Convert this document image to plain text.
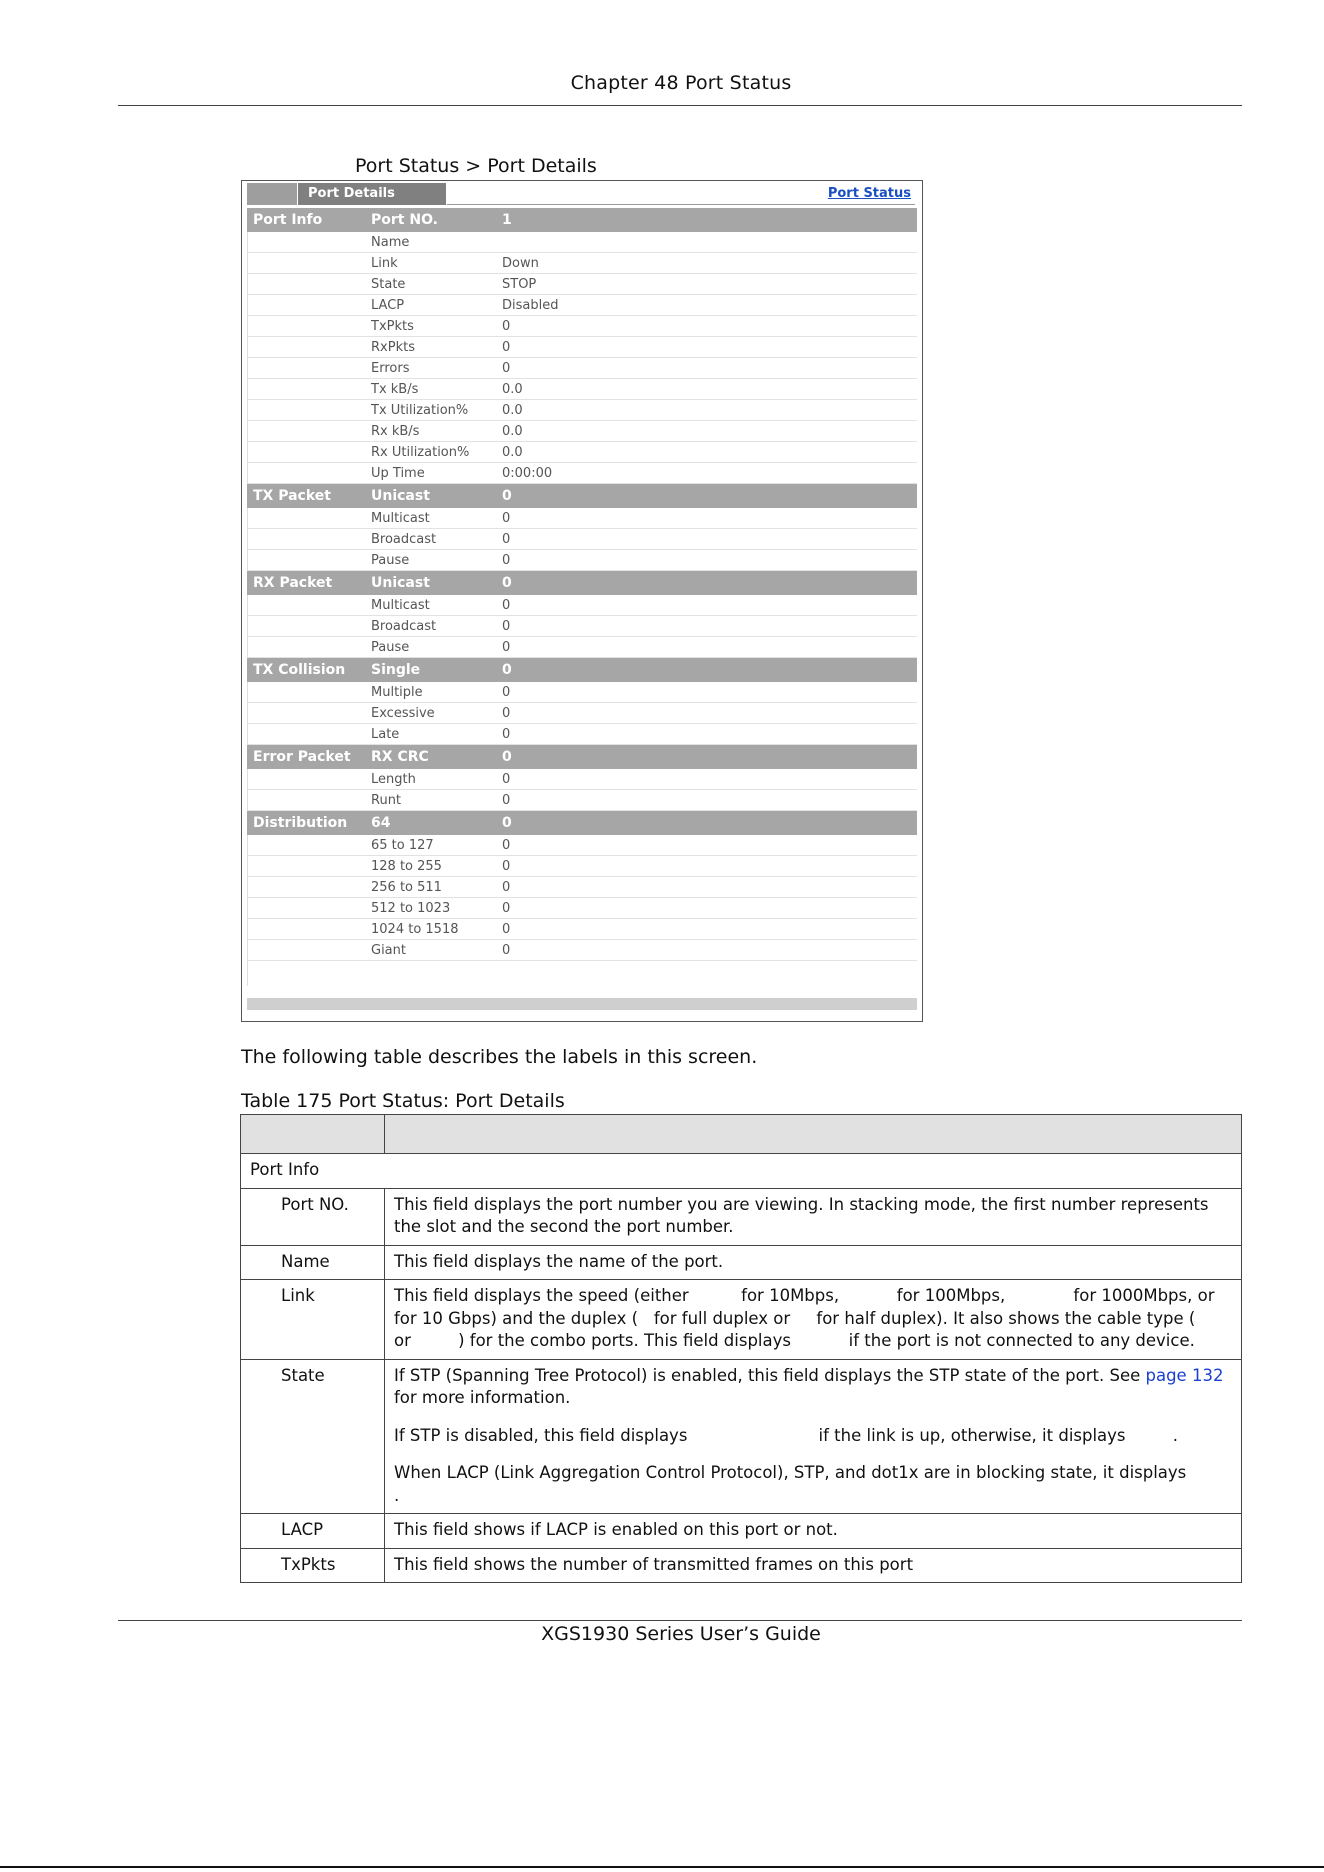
Chapter 48 Port Status
Port Status > Port Details
Port Details	Port Status
Port Info	Port NO.	1
	Name	
	Link	Down
	State	STOP
	LACP	Disabled
	TxPkts	0
	RxPkts	0
	Errors	0
	Tx kB/s	0.0
	Tx Utilization%	0.0
	Rx kB/s	0.0
	Rx Utilization%	0.0
	Up Time	0:00:00
TX Packet	Unicast	0
	Multicast	0
	Broadcast	0
	Pause	0
RX Packet	Unicast	0
	Multicast	0
	Broadcast	0
	Pause	0
TX Collision	Single	0
	Multiple	0
	Excessive	0
	Late	0
Error Packet	RX CRC	0
	Length	0
	Runt	0
Distribution	64	0
	65 to 127	0
	128 to 255	0
	256 to 511	0
	512 to 1023	0
	1024 to 1518	0
	Giant	0
The following table describes the labels in this screen.
Table 175 Port Status: Port Details

Port Info	
Port NO.	This field displays the port number you are viewing. In stacking mode, the first number represents the slot and the second the port number.

Name	This field displays the name of the port.

Link	This field displays the speed (either          for 10Mbps,           for 100Mbps,             for 1000Mbps, or         for 10 Gbps) and the duplex (   for full duplex or     for half duplex). It also shows the cable type (             or         ) for the combo ports. This field displays           if the port is not connected to any device.

State	If STP (Spanning Tree Protocol) is enabled, this field displays the STP state of the port. See page 132 for more information.

If STP is disabled, this field displays                         if the link is up, otherwise, it displays         .

When LACP (Link Aggregation Control Protocol), STP, and dot1x are in blocking state, it displays            .

LACP	This field shows if LACP is enabled on this port or not.

TxPkts	This field shows the number of transmitted frames on this port

XGS1930 Series User’s Guide
